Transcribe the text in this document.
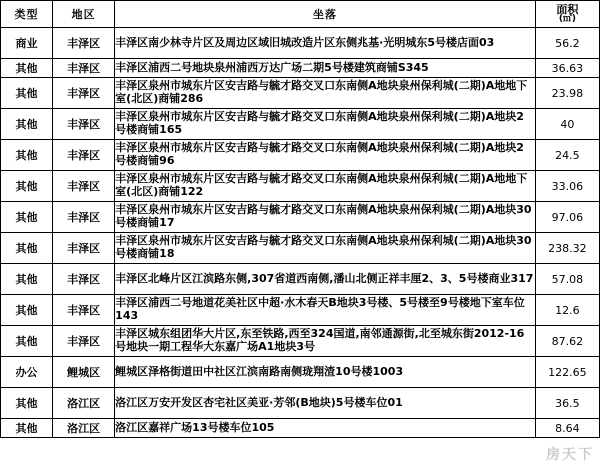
类型	地区	坐落	面积
(㎡)

商业	丰泽区	丰泽区南少林寺片区及周边区域旧城改造片区东侧兆基·光明城东5号楼店面03	56.2
其他	丰泽区	丰泽区浦西二号地块泉州浦西万达广场二期5号楼建筑商铺S345	36.63
其他	丰泽区	丰泽区泉州市城东片区安吉路与毓才路交叉口东南侧A地块泉州保利城(二期)A地地下室(北区)商铺286	23.98
其他	丰泽区	丰泽区泉州市城东片区安吉路与毓才路交叉口东南侧A地块泉州保利城(二期)A地块2号楼商铺165	40
其他	丰泽区	丰泽区泉州市城东片区安吉路与毓才路交叉口东南侧A地块泉州保利城(二期)A地块2号楼商铺96	24.5
其他	丰泽区	丰泽区泉州市城东片区安吉路与毓才路交叉口东南侧A地块泉州保利城(二期)A地地下室(北区)商铺122	33.06
其他	丰泽区	丰泽区泉州市城东片区安吉路与毓才路交叉口东南侧A地块泉州保利城(二期)A地块30号楼商铺17	97.06
其他	丰泽区	丰泽区泉州市城东片区安吉路与毓才路交叉口东南侧A地块泉州保利城(二期)A地块30号楼商铺18	238.32
其他	丰泽区	丰泽区北峰片区江滨路东侧,307省道西南侧,潘山北侧正祥丰厘2、3、5号楼商业317	57.08
其他	丰泽区	丰泽区浦西二号地道花美社区中超·水木春天B地块3号楼、5号楼至9号楼地下室车位 143	12.6
其他	丰泽区	丰泽区城东组团华大片区,东至铁路,西至324国道,南邻通源街,北至城东街2012-16号地块一期工程华大东嘉广场A1地块3号	87.62
办公	鲤城区	鲤城区泽格街道田中社区江滨南路南侧珑翔渣10号楼1003	122.65
其他	洛江区	洛江区万安开发区杏宅社区美亚·芳邻(B地块)5号楼车位01	36.5
其他	洛江区	洛江区嘉祥广场13号楼车位105	8.64
房天下
